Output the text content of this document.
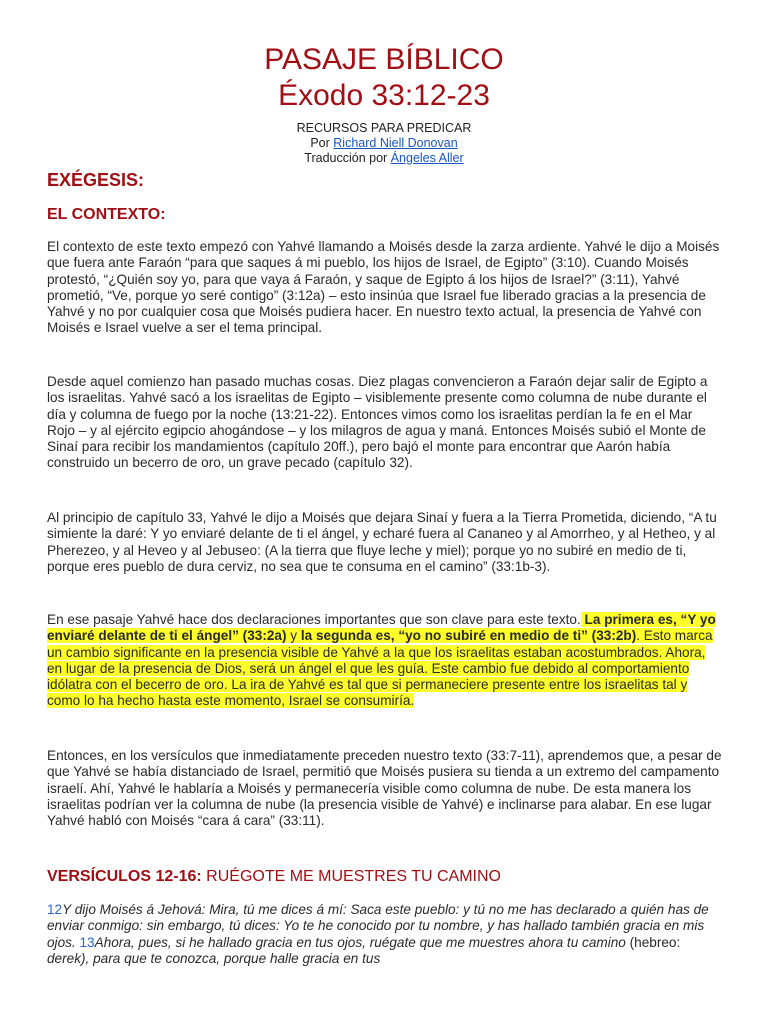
PASAJE BÍBLICO
Éxodo 33:12-23
RECURSOS PARA PREDICAR
Por Richard Niell Donovan
Traducción por Ángeles Aller
EXÉGESIS:
EL CONTEXTO:

El contexto de este texto empezó con Yahvé llamando a Moisés desde la zarza ardiente. Yahvé le dijo a Moisés que fuera ante Faraón “para que saques á mi pueblo, los hijos de Israel, de Egipto” (3:10). Cuando Moisés protestó, “¿Quién soy yo, para que vaya á Faraón, y saque de Egipto á los hijos de Israel?” (3:11), Yahvé prometió, “Ve, porque yo seré contigo” (3:12a) – esto insinúa que Israel fue liberado gracias a la presencia de Yahvé y no por cualquier cosa que Moisés pudiera hacer. En nuestro texto actual, la presencia de Yahvé con Moisés e Israel vuelve a ser el tema principal.

Desde aquel comienzo han pasado muchas cosas. Diez plagas convencieron a Faraón dejar salir de Egipto a los israelitas. Yahvé sacó a los israelitas de Egipto – visiblemente presente como columna de nube durante el día y columna de fuego por la noche (13:21-22). Entonces vimos como los israelitas perdían la fe en el Mar Rojo – y al ejército egipcio ahogándose – y los milagros de agua y maná. Entonces Moisés subió el Monte de Sinaí para recibir los mandamientos (capítulo 20ff.), pero bajó el monte para encontrar que Aarón había construido un becerro de oro, un grave pecado (capítulo 32).

Al principio de capítulo 33, Yahvé le dijo a Moisés que dejara Sinaí y fuera a la Tierra Prometida, diciendo, “A tu simiente la daré: Y yo enviaré delante de ti el ángel, y echaré fuera al Cananeo y al Amorrheo, y al Hetheo, y al Pherezeo, y al Heveo y al Jebuseo: (A la tierra que fluye leche y miel); porque yo no subiré en medio de ti, porque eres pueblo de dura cerviz, no sea que te consuma en el camino” (33:1b-3).

En ese pasaje Yahvé hace dos declaraciones importantes que son clave para este texto. La primera es, “Y yo enviaré delante de ti el ángel” (33:2a) y la segunda es, “yo no subiré en medio de ti” (33:2b). Esto marca un cambio significante en la presencia visible de Yahvé a la que los israelitas estaban acostumbrados. Ahora, en lugar de la presencia de Dios, será un ángel el que les guía. Este cambio fue debido al comportamiento idólatra con el becerro de oro. La ira de Yahvé es tal que si permaneciere presente entre los israelitas tal y como lo ha hecho hasta este momento, Israel se consumiría.

Entonces, en los versículos que inmediatamente preceden nuestro texto (33:7-11), aprendemos que, a pesar de que Yahvé se había distanciado de Israel, permitió que Moisés pusiera su tienda a un extremo del campamento israelí. Ahí, Yahvé le hablaría a Moisés y permanecería visible como columna de nube. De esta manera los israelitas podrían ver la columna de nube (la presencia visible de Yahvé) e inclinarse para alabar. En ese lugar Yahvé habló con Moisés “cara á cara” (33:11).

VERSÍCULOS 12-16: RUÉGOTE ME MUESTRES TU CAMINO

12Y dijo Moisés á Jehová: Mira, tú me dices á mí: Saca este pueblo: y tú no me has declarado a quién has de enviar conmigo: sin embargo, tú dices: Yo te he conocido por tu nombre, y has hallado también gracia en mis ojos. 13Ahora, pues, si he hallado gracia en tus ojos, ruégate que me muestres ahora tu camino (hebreo: derek), para que te conozca, porque halle gracia en tus
